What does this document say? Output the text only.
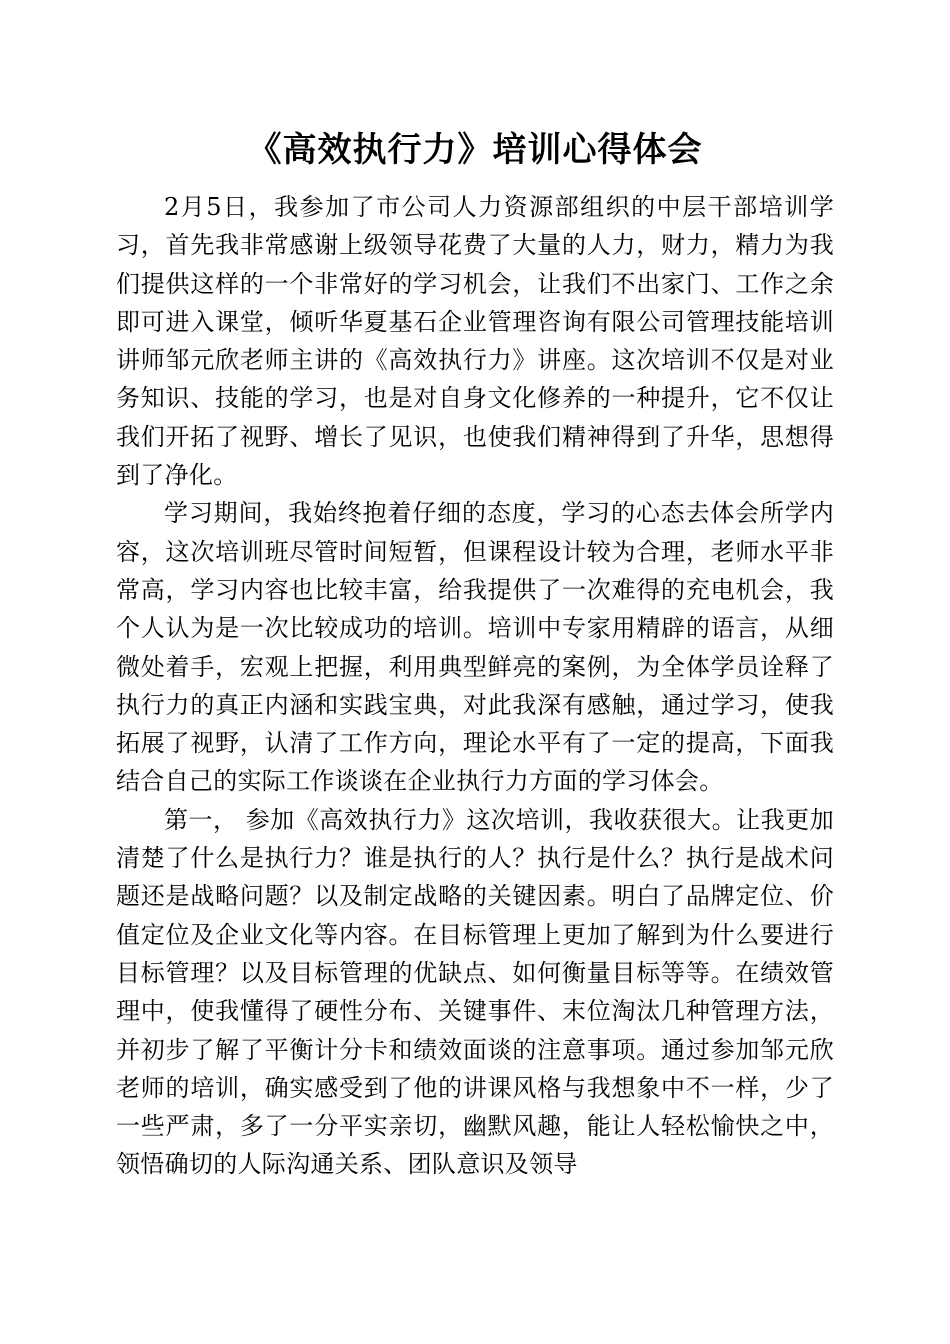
《高效执行力》培训心得体会

2月5日，我参加了市公司人力资源部组织的中层干部培训学习，首先我非常感谢上级领导花费了大量的人力，财力，精力为我们提供这样的一个非常好的学习机会，让我们不出家门、工作之余即可进入课堂，倾听华夏基石企业管理咨询有限公司管理技能培训讲师邹元欣老师主讲的《高效执行力》讲座。这次培训不仅是对业务知识、技能的学习，也是对自身文化修养的一种提升，它不仅让我们开拓了视野、增长了见识，也使我们精神得到了升华，思想得到了净化。

学习期间，我始终抱着仔细的态度，学习的心态去体会所学内容，这次培训班尽管时间短暂，但课程设计较为合理，老师水平非常高，学习内容也比较丰富，给我提供了一次难得的充电机会，我个人认为是一次比较成功的培训。培训中专家用精辟的语言，从细微处着手，宏观上把握，利用典型鲜亮的案例，为全体学员诠释了执行力的真正内涵和实践宝典，对此我深有感触，通过学习，使我拓展了视野，认清了工作方向，理论水平有了一定的提高，下面我结合自己的实际工作谈谈在企业执行力方面的学习体会。

第一， 参加《高效执行力》这次培训，我收获很大。让我更加清楚了什么是执行力？谁是执行的人？执行是什么？执行是战术问题还是战略问题？以及制定战略的关键因素。明白了品牌定位、价值定位及企业文化等内容。在目标管理上更加了解到为什么要进行目标管理？以及目标管理的优缺点、如何衡量目标等等。在绩效管理中，使我懂得了硬性分布、关键事件、末位淘汰几种管理方法，并初步了解了平衡计分卡和绩效面谈的注意事项。通过参加邹元欣老师的培训，确实感受到了他的讲课风格与我想象中不一样，少了一些严肃，多了一分平实亲切，幽默风趣，能让人轻松愉快之中，领悟确切的人际沟通关系、团队意识及领导
